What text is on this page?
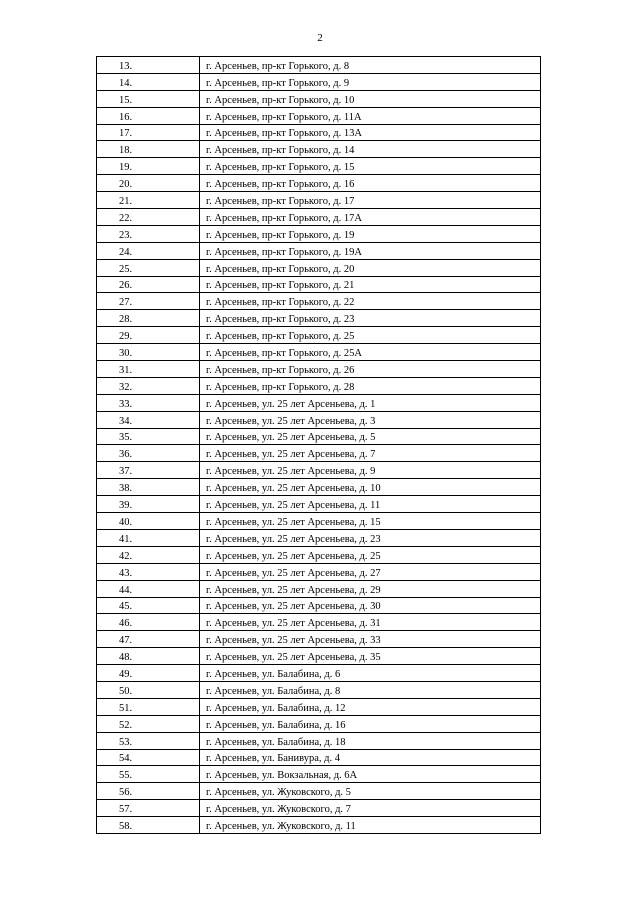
2
13.	г. Арсеньев, пр-кт Горького, д. 8
14.	г. Арсеньев, пр-кт Горького, д. 9
15.	г. Арсеньев, пр-кт Горького, д. 10
16.	г. Арсеньев, пр-кт Горького, д. 11А
17.	г. Арсеньев, пр-кт Горького, д. 13А
18.	г. Арсеньев, пр-кт Горького, д. 14
19.	г. Арсеньев, пр-кт Горького, д. 15
20.	г. Арсеньев, пр-кт Горького, д. 16
21.	г. Арсеньев, пр-кт Горького, д. 17
22.	г. Арсеньев, пр-кт Горького, д. 17А
23.	г. Арсеньев, пр-кт Горького, д. 19
24.	г. Арсеньев, пр-кт Горького, д. 19А
25.	г. Арсеньев, пр-кт Горького, д. 20
26.	г. Арсеньев, пр-кт Горького, д. 21
27.	г. Арсеньев, пр-кт Горького, д. 22
28.	г. Арсеньев, пр-кт Горького, д. 23
29.	г. Арсеньев, пр-кт Горького, д. 25
30.	г. Арсеньев, пр-кт Горького, д. 25А
31.	г. Арсеньев, пр-кт Горького, д. 26
32.	г. Арсеньев, пр-кт Горького, д. 28
33.	г. Арсеньев, ул. 25 лет Арсеньева, д. 1
34.	г. Арсеньев, ул. 25 лет Арсеньева, д. 3
35.	г. Арсеньев, ул. 25 лет Арсеньева, д. 5
36.	г. Арсеньев, ул. 25 лет Арсеньева, д. 7
37.	г. Арсеньев, ул. 25 лет Арсеньева, д. 9
38.	г. Арсеньев, ул. 25 лет Арсеньева, д. 10
39.	г. Арсеньев, ул. 25 лет Арсеньева, д. 11
40.	г. Арсеньев, ул. 25 лет Арсеньева, д. 15
41.	г. Арсеньев, ул. 25 лет Арсеньева, д. 23
42.	г. Арсеньев, ул. 25 лет Арсеньева, д. 25
43.	г. Арсеньев, ул. 25 лет Арсеньева, д. 27
44.	г. Арсеньев, ул. 25 лет Арсеньева, д. 29
45.	г. Арсеньев, ул. 25 лет Арсеньева, д. 30
46.	г. Арсеньев, ул. 25 лет Арсеньева, д. 31
47.	г. Арсеньев, ул. 25 лет Арсеньева, д. 33
48.	г. Арсеньев, ул. 25 лет Арсеньева, д. 35
49.	г. Арсеньев, ул. Балабина, д. 6
50.	г. Арсеньев, ул. Балабина, д. 8
51.	г. Арсеньев, ул. Балабина, д. 12
52.	г. Арсеньев, ул. Балабина, д. 16
53.	г. Арсеньев, ул. Балабина, д. 18
54.	г. Арсеньев, ул. Банивура, д. 4
55.	г. Арсеньев, ул. Вокзальная, д. 6А
56.	г. Арсеньев, ул. Жуковского, д. 5
57.	г. Арсеньев, ул. Жуковского, д. 7
58.	г. Арсеньев, ул. Жуковского, д. 11
